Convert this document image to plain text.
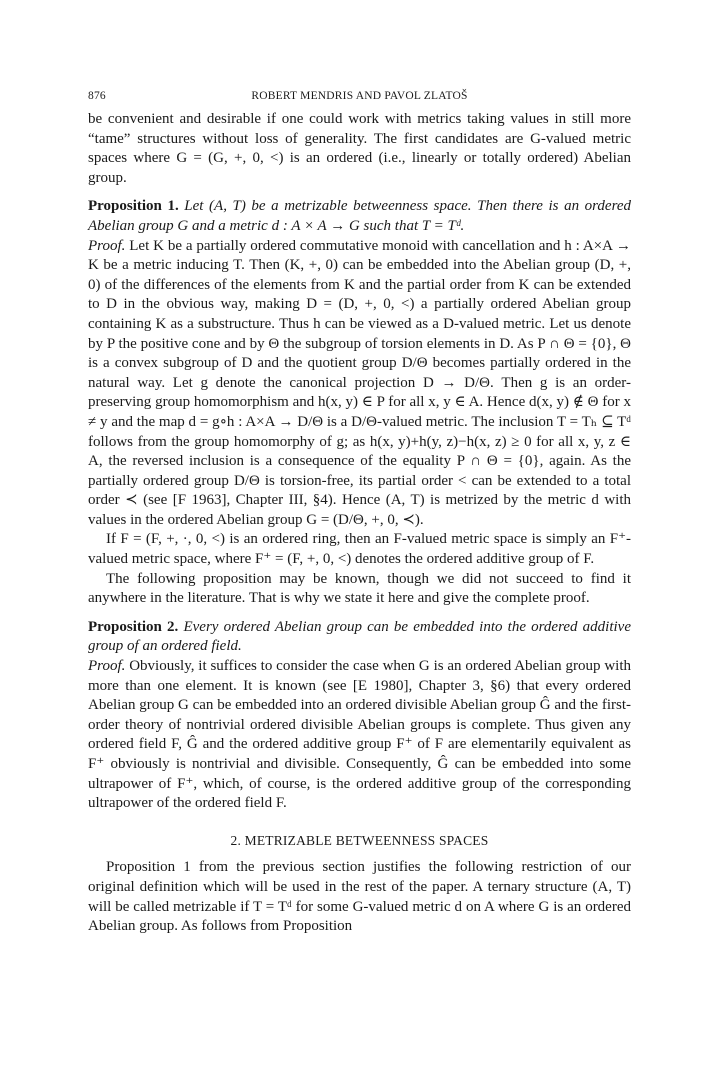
876	ROBERT MENDRIS AND PAVOL ZLATOŠ

be convenient and desirable if one could work with metrics taking values in still more “tame” structures without loss of generality. The first candidates are G-valued metric spaces where G = (G, +, 0, <) is an ordered (i.e., linearly or totally ordered) Abelian group.

Proposition 1. Let (A, T) be a metrizable betweenness space. Then there is an ordered Abelian group G and a metric d : A × A → G such that T = Tᵈ.

Proof. Let K be a partially ordered commutative monoid with cancellation and h : A×A → K be a metric inducing T. Then (K, +, 0) can be embedded into the Abelian group (D, +, 0) of the differences of the elements from K and the partial order from K can be extended to D in the obvious way, making D = (D, +, 0, <) a partially ordered Abelian group containing K as a substructure. Thus h can be viewed as a D-valued metric. Let us denote by P the positive cone and by Θ the subgroup of torsion elements in D. As P ∩ Θ = {0}, Θ is a convex subgroup of D and the quotient group D/Θ becomes partially ordered in the natural way. Let g denote the canonical projection D → D/Θ. Then g is an order-preserving group homomorphism and h(x, y) ∈ P for all x, y ∈ A. Hence d(x, y) ∉ Θ for x ≠ y and the map d = g∘h : A×A → D/Θ is a D/Θ-valued metric. The inclusion T = Tₕ ⊆ Tᵈ follows from the group homomorphy of g; as h(x, y)+h(y, z)−h(x, z) ≥ 0 for all x, y, z ∈ A, the reversed inclusion is a consequence of the equality P ∩ Θ = {0}, again. As the partially ordered group D/Θ is torsion-free, its partial order < can be extended to a total order ≺ (see [F 1963], Chapter III, §4). Hence (A, T) is metrized by the metric d with values in the ordered Abelian group G = (D/Θ, +, 0, ≺).

If F = (F, +, ·, 0, <) is an ordered ring, then an F-valued metric space is simply an F⁺-valued metric space, where F⁺ = (F, +, 0, <) denotes the ordered additive group of F.

The following proposition may be known, though we did not succeed to find it anywhere in the literature. That is why we state it here and give the complete proof.

Proposition 2. Every ordered Abelian group can be embedded into the ordered additive group of an ordered field.

Proof. Obviously, it suffices to consider the case when G is an ordered Abelian group with more than one element. It is known (see [E 1980], Chapter 3, §6) that every ordered Abelian group G can be embedded into an ordered divisible Abelian group Ĝ and the first-order theory of nontrivial ordered divisible Abelian groups is complete. Thus given any ordered field F, Ĝ and the ordered additive group F⁺ of F are elementarily equivalent as F⁺ obviously is nontrivial and divisible. Consequently, Ĝ can be embedded into some ultrapower of F⁺, which, of course, is the ordered additive group of the corresponding ultrapower of the ordered field F.

2. METRIZABLE BETWEENNESS SPACES

Proposition 1 from the previous section justifies the following restriction of our original definition which will be used in the rest of the paper. A ternary structure (A, T) will be called metrizable if T = Tᵈ for some G-valued metric d on A where G is an ordered Abelian group. As follows from Proposition
